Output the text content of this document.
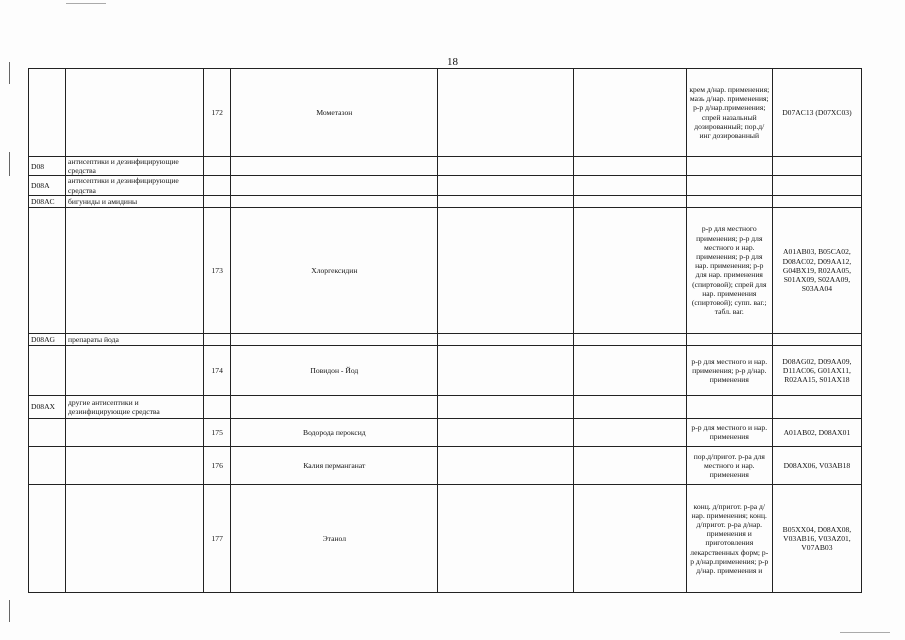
18
		172	Мометазон			крем д/нар. применения; мазь д/нар. применения; р-р д/нар.применения; спрей назальный дозированный; пор.д/инг дозированный	D07AC13 (D07XC03)
D08	антисептики и дезинфицирующие средства						
D08A	антисептики и дезинфицирующие средства						
D08AC	бигуниды и амидины						
		173	Хлоргексидин			р-р для местного применения; р-р для местного и нар. применения; р-р для нар. применения; р-р для нар. применения (спиртовой); спрей для нар. применения (спиртовой); супп. ваг.; табл. ваг.	A01AB03, B05CA02, D08AC02, D09AA12, G04BX19, R02AA05, S01AX09, S02AA09, S03AA04
D08AG	препараты йода						
		174	Повидон - Йод			р-р для местного и нар. применения; р-р д/нар. применения	D08AG02, D09AA09, D11AC06, G01AX11, R02AA15, S01AX18
D08AX	другие антисептики и дезинфицирующие средства						
		175	Водорода пероксид			р-р для местного и нар. применения	A01AB02, D08AX01
		176	Калия перманганат			пор.д/пригот. р-ра для местного и нар. применения	D08AX06, V03AB18
		177	Этанол			конц. д/пригот. р-ра д/нар. применения; конц. д/пригот. р-ра д/нар. применения и приготовления лекарственных форм; р-р д/нар.применения; р-р д/нар. применения и	B05XX04, D08AX08, V03AB16, V03AZ01, V07AB03
